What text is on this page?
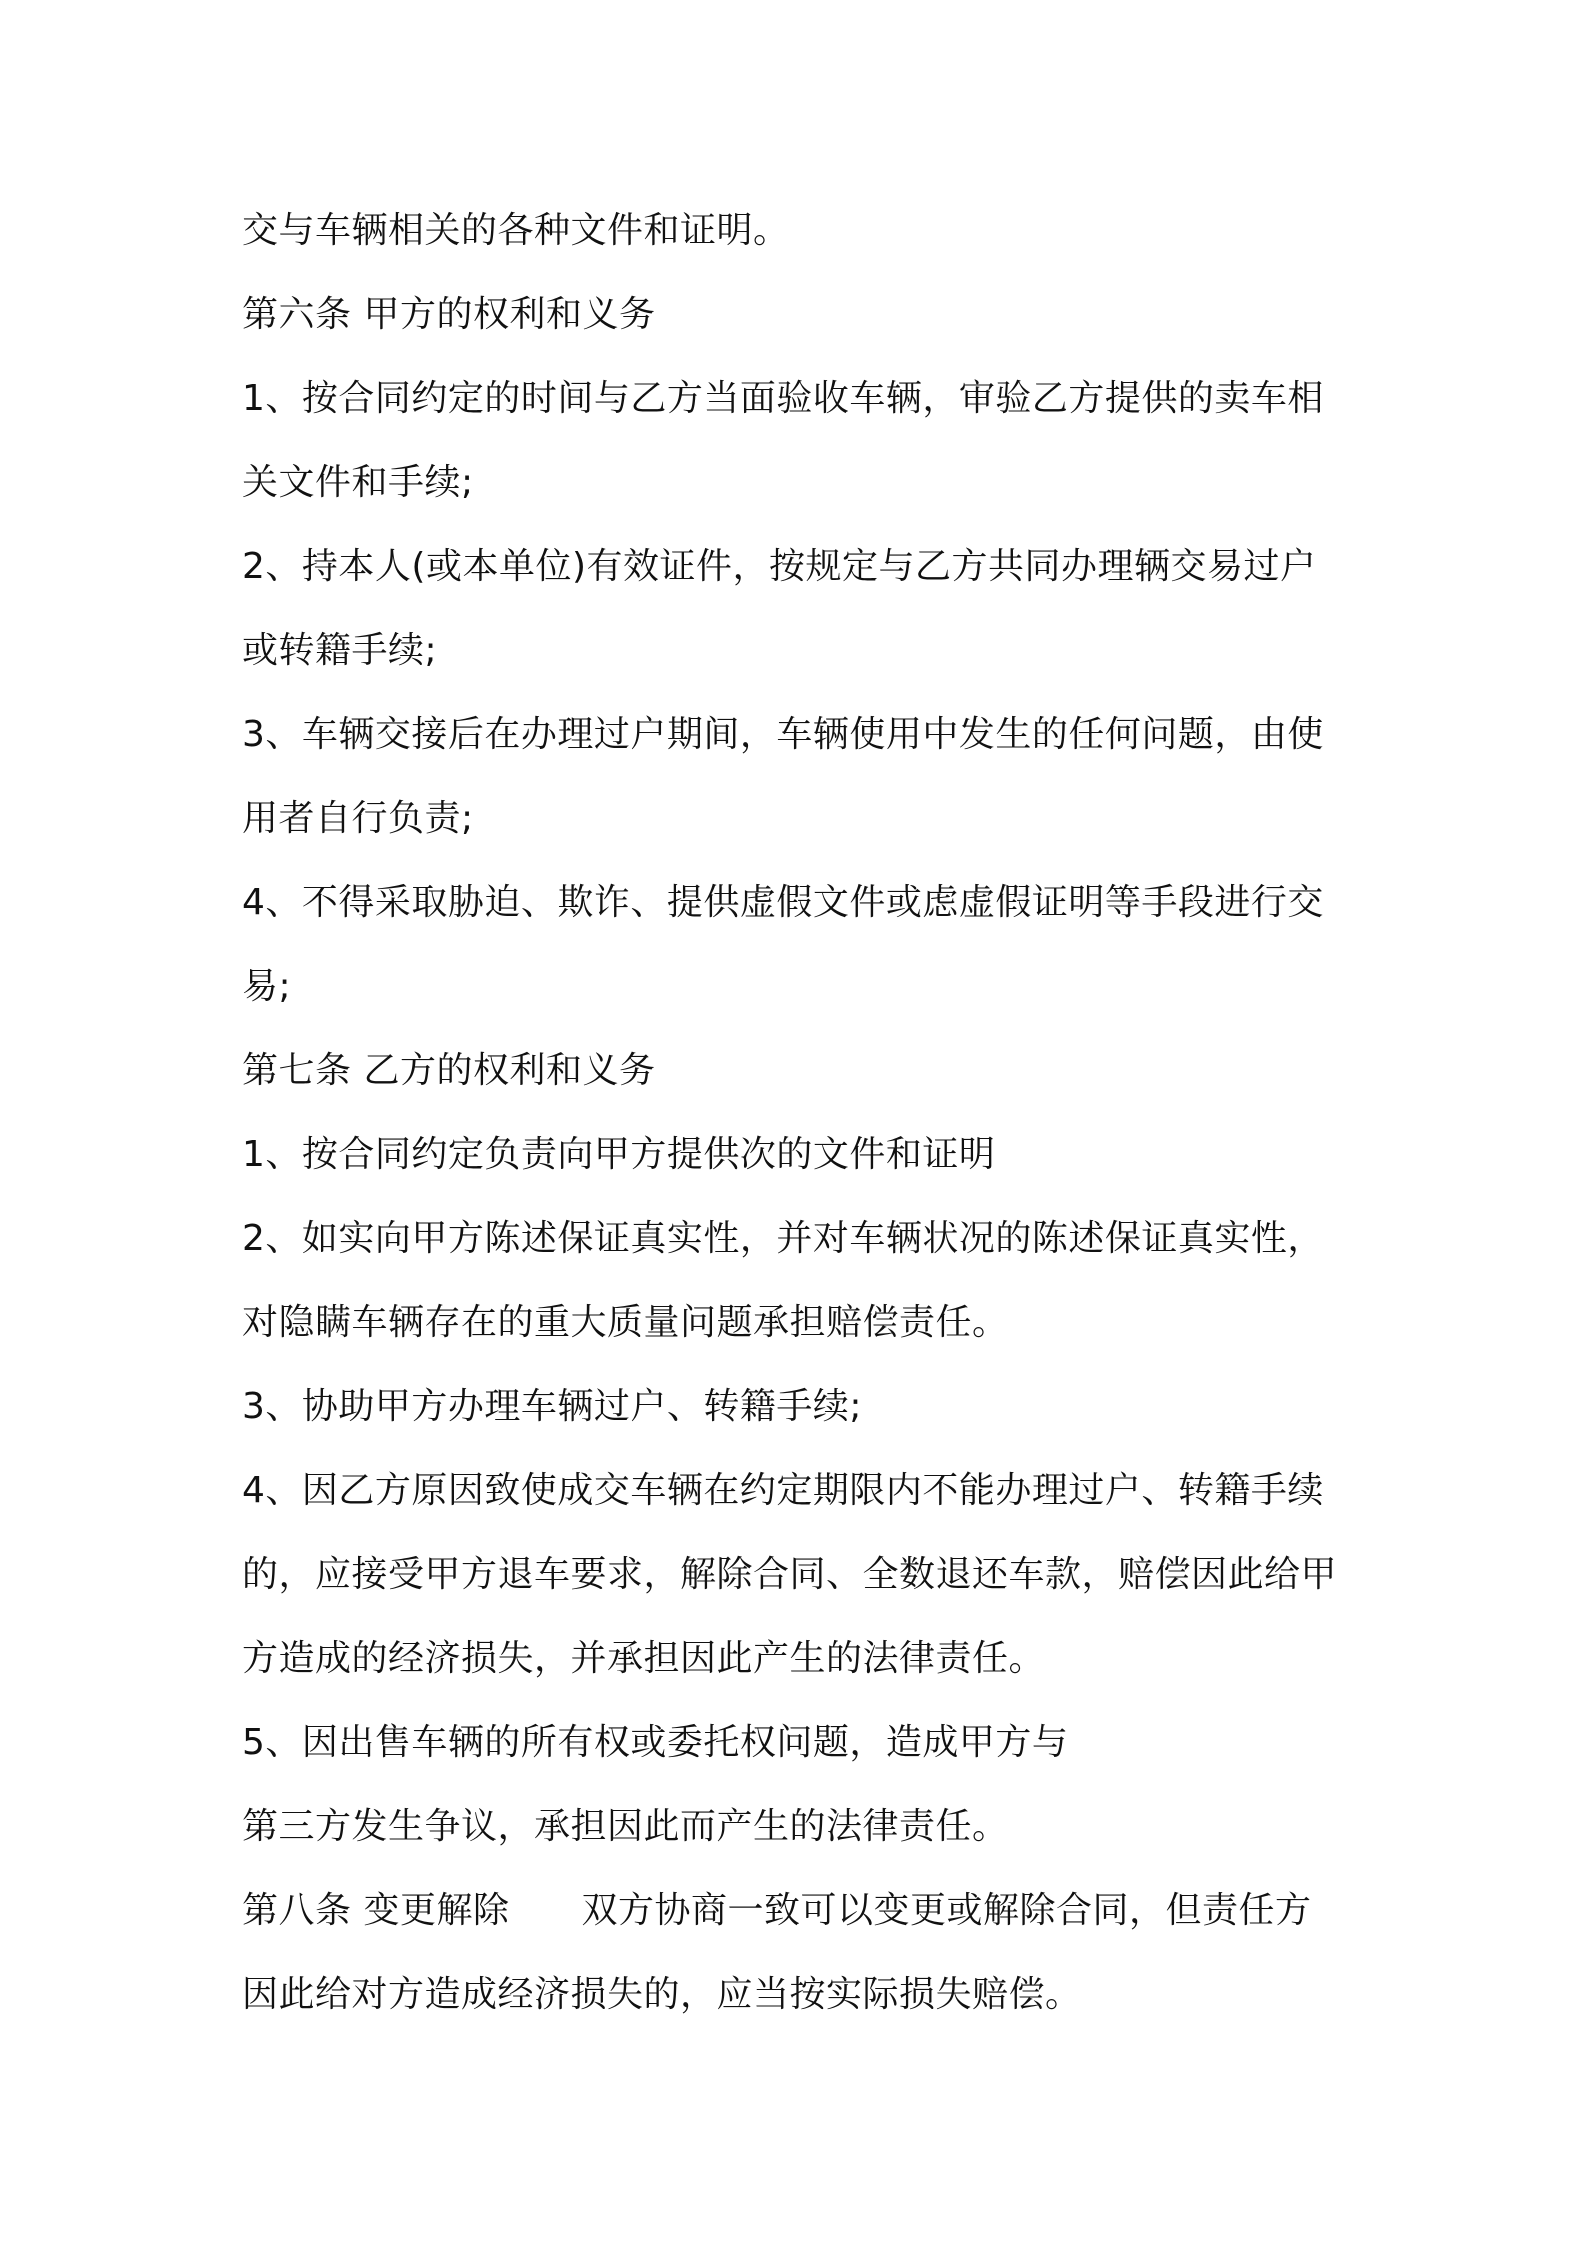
交与车辆相关的各种文件和证明。
第六条 甲方的权利和义务
1、按合同约定的时间与乙方当面验收车辆，审验乙方提供的卖车相
关文件和手续;
2、持本人(或本单位)有效证件，按规定与乙方共同办理辆交易过户
或转籍手续;
3、车辆交接后在办理过户期间，车辆使用中发生的任何问题，由使
用者自行负责;
4、不得采取胁迫、欺诈、提供虚假文件或虑虚假证明等手段进行交
易;
第七条 乙方的权利和义务
1、按合同约定负责向甲方提供次的文件和证明
2、如实向甲方陈述保证真实性，并对车辆状况的陈述保证真实性，
对隐瞒车辆存在的重大质量问题承担赔偿责任。
3、协助甲方办理车辆过户、转籍手续;
4、因乙方原因致使成交车辆在约定期限内不能办理过户、转籍手续
的，应接受甲方退车要求，解除合同、全数退还车款，赔偿因此给甲
方造成的经济损失，并承担因此产生的法律责任。
5、因出售车辆的所有权或委托权问题，造成甲方与
第三方发生争议，承担因此而产生的法律责任。
第八条 变更解除 双方协商一致可以变更或解除合同，但责任方
因此给对方造成经济损失的，应当按实际损失赔偿。
